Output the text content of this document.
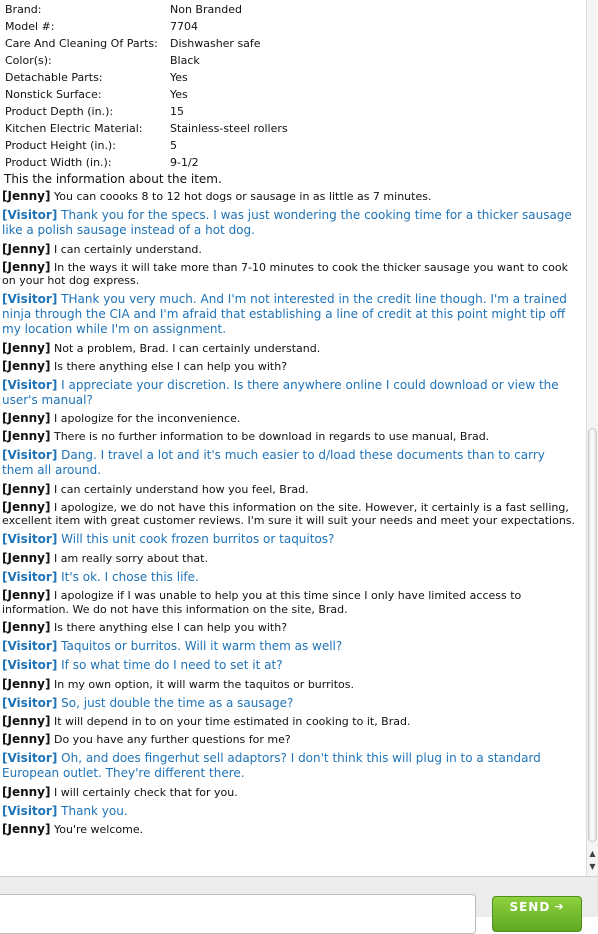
Brand:	Non Branded
Model #:	7704
Care And Cleaning Of Parts:	Dishwasher safe
Color(s):	Black
Detachable Parts:	Yes
Nonstick Surface:	Yes
Product Depth (in.):	15
Kitchen Electric Material:	Stainless-steel rollers
Product Height (in.):	5
Product Width (in.):	9-1/2
This the information about the item.

[Jenny] You can coooks 8 to 12 hot dogs or sausage in as little as 7 minutes.

[Visitor] Thank you for the specs. I was just wondering the cooking time for a thicker sausage like a polish sausage instead of a hot dog.

[Jenny] I can certainly understand.

[Jenny] In the ways it will take more than 7-10 minutes to cook the thicker sausage you want to cook on your hot dog express.

[Visitor] THank you very much. And I'm not interested in the credit line though. I'm a trained ninja through the CIA and I'm afraid that establishing a line of credit at this point might tip off my location while I'm on assignment.

[Jenny] Not a problem, Brad. I can certainly understand.

[Jenny] Is there anything else I can help you with?

[Visitor] I appreciate your discretion. Is there anywhere online I could download or view the user's manual?

[Jenny] I apologize for the inconvenience.

[Jenny] There is no further information to be download in regards to use manual, Brad.

[Visitor] Dang. I travel a lot and it's much easier to d/load these documents than to carry them all around.

[Jenny] I can certainly understand how you feel, Brad.

[Jenny] I apologize, we do not have this information on the site. However, it certainly is a fast selling, excellent item with great customer reviews. I'm sure it will suit your needs and meet your expectations.

[Visitor] Will this unit cook frozen burritos or taquitos?

[Jenny] I am really sorry about that.

[Visitor] It's ok. I chose this life.

[Jenny] I apologize if I was unable to help you at this time since I only have limited access to information. We do not have this information on the site, Brad.

[Jenny] Is there anything else I can help you with?

[Visitor] Taquitos or burritos. Will it warm them as well?

[Visitor] If so what time do I need to set it at?

[Jenny] In my own option, it will warm the taquitos or burritos.

[Visitor] So, just double the time as a sausage?

[Jenny] It will depend in to on your time estimated in cooking to it, Brad.

[Jenny] Do you have any further questions for me?

[Visitor] Oh, and does fingerhut sell adaptors? I don't think this will plug in to a standard European outlet. They're different there.

[Jenny] I will certainly check that for you.

[Visitor] Thank you.

[Jenny] You're welcome.

▲
▼
SEND ➔
